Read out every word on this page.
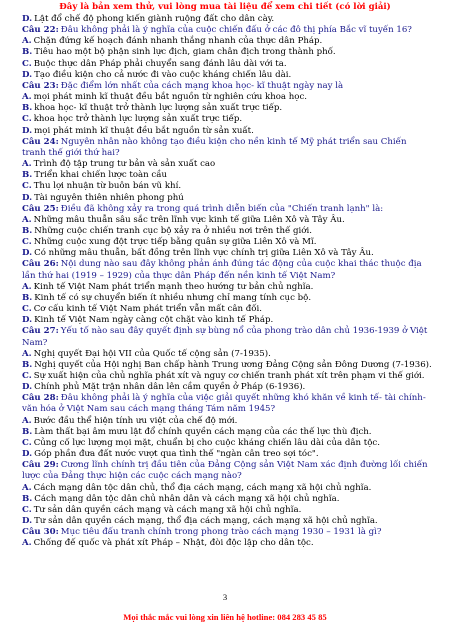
Đây là bản xem thử, vui lòng mua tài liệu để xem chi tiết (có lời giải)
D. Lật đổ chế độ phong kiến giành ruộng đất cho dân cày.
Câu 22: Đâu không phải là ý nghĩa của cuộc chiến đấu ở các đô thị phía Bắc vĩ tuyến 16?
A. Chặn đứng kế hoạch đánh nhanh thắng nhanh của thực dân Pháp.
B. Tiêu hao một bộ phận sinh lực địch, giam chân địch trong thành phố.
C. Buộc thực dân Pháp phải chuyển sang đánh lâu dài với ta.
D. Tạo điều kiện cho cả nước đi vào cuộc kháng chiến lâu dài.
Câu 23: Đặc điểm lớn nhất của cách mạng khoa học- kĩ thuật ngày nay là
A. mọi phát minh kĩ thuật đều bắt nguồn từ nghiên cứu khoa học.
B. khoa học- kĩ thuật trở thành lực lượng sản xuất trực tiếp.
C. khoa học trở thành lực lượng sản xuất trực tiếp.
D. mọi phát minh kĩ thuật đều bắt nguồn từ sản xuất.
Câu 24: Nguyên nhân nào không tạo điều kiện cho nền kinh tế Mỹ phát triển sau Chiến tranh thế giới thứ hai?
A. Trình độ tập trung tư bản và sản xuất cao
B. Triển khai chiến lược toàn cầu
C. Thu lợi nhuận từ buôn bán vũ khí.
D. Tài nguyên thiên nhiên phong phú
Câu 25: Điều đã không xảy ra trong quá trình diễn biến của "Chiến tranh lạnh" là:
A. Những mâu thuẫn sâu sắc trên lĩnh vực kinh tế giữa Liên Xô và Tây Âu.
B. Những cuộc chiến tranh cục bộ xảy ra ở nhiều nơi trên thế giới.
C. Những cuộc xung đột trực tiếp bằng quân sự giữa Liên Xô và Mĩ.
D. Có những mâu thuẫn, bất đồng trên lĩnh vực chính trị giữa Liên Xô và Tây Âu.
Câu 26: Nội dung nào sau đây không phản ánh đúng tác động của cuộc khai thác thuộc địa lần thứ hai (1919 – 1929) của thực dân Pháp đến nền kinh tế Việt Nam?
A. Kinh tế Việt Nam phát triển mạnh theo hướng tư bản chủ nghĩa.
B. Kinh tế có sự chuyển biến ít nhiều nhưng chỉ mang tính cục bộ.
C. Cơ cấu kinh tế Việt Nam phát triển vẫn mất cân đối.
D. Kinh tế Việt Nam ngày càng cột chặt vào kinh tế Pháp.
Câu 27: Yếu tố nào sau đây quyết định sự bùng nổ của phong trào dân chủ 1936-1939 ở Việt Nam?
A. Nghị quyết Đại hội VII của Quốc tế cộng sản (7-1935).
B. Nghị quyết của Hội nghị Ban chấp hành Trung ương Đảng Cộng sản Đông Dương (7-1936).
C. Sự xuất hiện của chủ nghĩa phát xít và nguy cơ chiến tranh phát xít trên phạm vi thế giới.
D. Chính phủ Mặt trận nhân dân lên cầm quyền ở Pháp (6-1936).
Câu 28: Đâu không phải là ý nghĩa của việc giải quyết những khó khăn về kinh tế- tài chính- văn hóa ở Việt Nam sau cách mạng tháng Tám năm 1945?
A. Bước đầu thể hiện tính ưu việt của chế độ mới.
B. Làm thất bại âm mưu lật đổ chính quyền cách mạng của các thế lực thù địch.
C. Củng cố lực lượng mọi mặt, chuẩn bị cho cuộc kháng chiến lâu dài của dân tộc.
D. Góp phần đưa đất nước vượt qua tình thế "ngàn cân treo sợi tóc".
Câu 29: Cương lĩnh chính trị đầu tiên của Đảng Cộng sản Việt Nam xác định đường lối chiến lược của Đảng thực hiện các cuộc cách mạng nào?
A. Cách mạng dân tộc dân chủ, thổ địa cách mạng, cách mạng xã hội chủ nghĩa.
B. Cách mạng dân tộc dân chủ nhân dân và cách mạng xã hội chủ nghĩa.
C. Tư sản dân quyền cách mạng và cách mạng xã hội chủ nghĩa.
D. Tư sản dân quyền cách mạng, thổ địa cách mạng, cách mạng xã hội chủ nghĩa.
Câu 30: Mục tiêu đấu tranh chính trong phong trào cách mạng 1930 – 1931 là gì?
A. Chống đế quốc và phát xít Pháp – Nhật, đòi độc lập cho dân tộc.
3
Mọi thắc mắc vui lòng xin liên hệ hotline: 084 283 45 85
